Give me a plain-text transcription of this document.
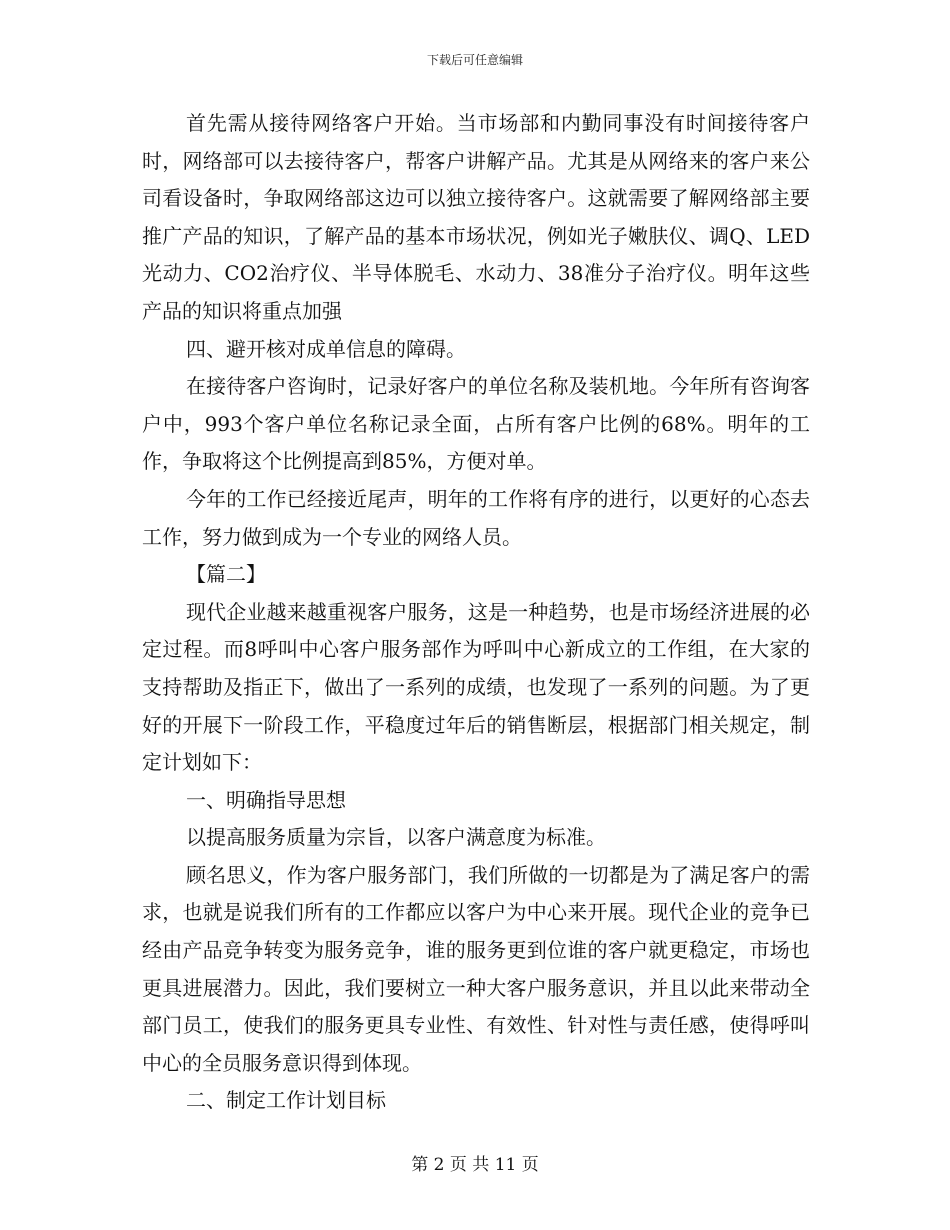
下载后可任意编辑

首先需从接待网络客户开始。当市场部和内勤同事没有时间接待客户时，网络部可以去接待客户，帮客户讲解产品。尤其是从网络来的客户来公司看设备时，争取网络部这边可以独立接待客户。这就需要了解网络部主要推广产品的知识，了解产品的基本市场状况，例如光子嫩肤仪、调Q、LED光动力、CO2治疗仪、半导体脱毛、水动力、38准分子治疗仪。明年这些产品的知识将重点加强

四、避开核对成单信息的障碍。

在接待客户咨询时，记录好客户的单位名称及装机地。今年所有咨询客户中，993个客户单位名称记录全面，占所有客户比例的68%。明年的工作，争取将这个比例提高到85%，方便对单。

今年的工作已经接近尾声，明年的工作将有序的进行，以更好的心态去工作，努力做到成为一个专业的网络人员。

【篇二】

现代企业越来越重视客户服务，这是一种趋势，也是市场经济进展的必定过程。而8呼叫中心客户服务部作为呼叫中心新成立的工作组，在大家的支持帮助及指正下，做出了一系列的成绩，也发现了一系列的问题。为了更好的开展下一阶段工作，平稳度过年后的销售断层，根据部门相关规定，制定计划如下：

一、明确指导思想

以提高服务质量为宗旨，以客户满意度为标准。

顾名思义，作为客户服务部门，我们所做的一切都是为了满足客户的需求，也就是说我们所有的工作都应以客户为中心来开展。现代企业的竞争已经由产品竞争转变为服务竞争，谁的服务更到位谁的客户就更稳定，市场也更具进展潜力。因此，我们要树立一种大客户服务意识，并且以此来带动全部门员工，使我们的服务更具专业性、有效性、针对性与责任感，使得呼叫中心的全员服务意识得到体现。

二、制定工作计划目标

第 2 页 共 11 页
